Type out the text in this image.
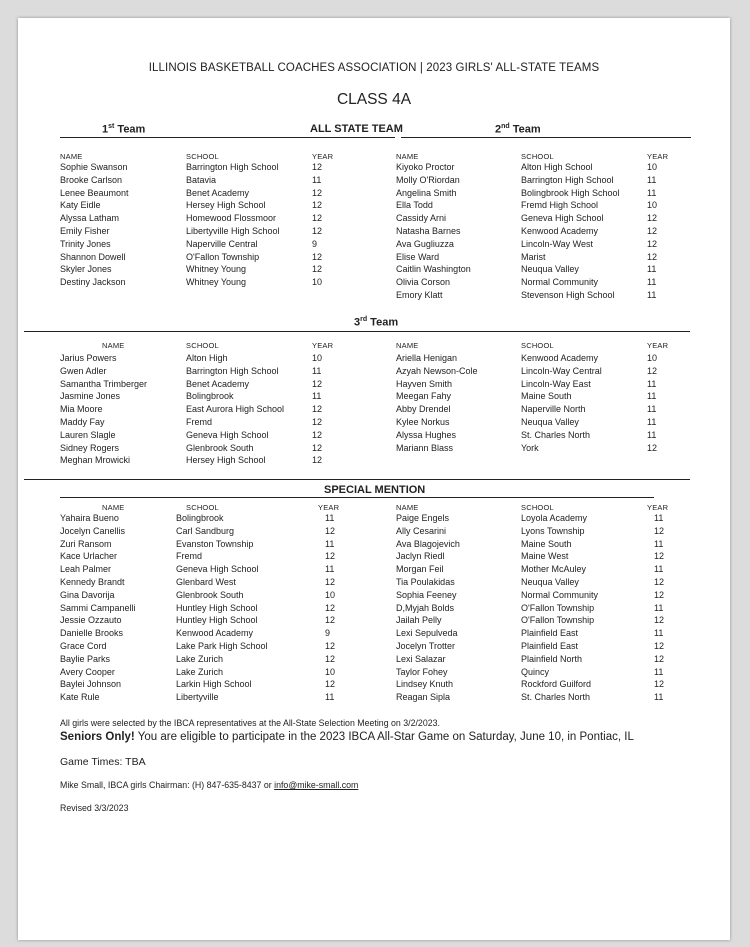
ILLINOIS BASKETBALL COACHES ASSOCIATION | 2023 GIRLS' ALL-STATE TEAMS
CLASS 4A
1st Team	ALL STATE TEAM	2nd Team
NAME	SCHOOL	YEAR	NAME	SCHOOL	YEAR
Sophie Swanson	Barrington High School	12
Brooke Carlson	Batavia	11
Lenee Beaumont	Benet Academy	12
Katy Eidle	Hersey High School	12
Alyssa Latham	Homewood Flossmoor	12
Emily Fisher	Libertyville High School	12
Trinity Jones	Naperville Central	9
Shannon Dowell	O'Fallon Township	12
Skyler Jones	Whitney Young	12
Destiny Jackson	Whitney Young	10
Kiyoko Proctor	Alton High School	10
Molly O'Riordan	Barrington High School	11
Angelina Smith	Bolingbrook High School	11
Ella Todd	Fremd High School	10
Cassidy Arni	Geneva High School	12
Natasha Barnes	Kenwood Academy	12
Ava Gugliuzza	Lincoln-Way West	12
Elise Ward	Marist	12
Caitlin Washington	Neuqua Valley	11
Olivia Corson	Normal Community	11
Emory Klatt	Stevenson High School	11
3rd Team
NAME	SCHOOL	YEAR	NAME	SCHOOL	YEAR
Jarius Powers	Alton High	10
Gwen Adler	Barrington High School	11
Samantha Trimberger	Benet Academy	12
Jasmine Jones	Bolingbrook	11
Mia Moore	East Aurora High School	12
Maddy Fay	Fremd	12
Lauren Slagle	Geneva High School	12
Sidney Rogers	Glenbrook South	12
Meghan Mrowicki	Hersey High School	12
Ariella Henigan	Kenwood Academy	10
Azyah Newson-Cole	Lincoln-Way Central	12
Hayven Smith	Lincoln-Way East	11
Meegan Fahy	Maine South	11
Abby Drendel	Naperville North	11
Kylee Norkus	Neuqua Valley	11
Alyssa Hughes	St. Charles North	11
Mariann Blass	York	12
SPECIAL MENTION
NAME	SCHOOL	YEAR	NAME	SCHOOL	YEAR
Yahaira Bueno	Bolingbrook	11
Jocelyn Canellis	Carl Sandburg	12
Zuri Ransom	Evanston Township	11
Kace Urlacher	Fremd	12
Leah Palmer	Geneva High School	11
Kennedy Brandt	Glenbard West	12
Gina Davorija	Glenbrook South	10
Sammi Campanelli	Huntley High School	12
Jessie Ozzauto	Huntley High School	12
Danielle Brooks	Kenwood Academy	9
Grace Cord	Lake Park High School	12
Baylie Parks	Lake Zurich	12
Avery Cooper	Lake Zurich	10
Baylei Johnson	Larkin High School	12
Kate Rule	Libertyville	11
Paige Engels	Loyola Academy	11
Ally Cesarini	Lyons Township	12
Ava Blagojevich	Maine South	11
Jaclyn Riedl	Maine West	12
Morgan Feil	Mother McAuley	11
Tia Poulakidas	Neuqua Valley	12
Sophia Feeney	Normal Community	12
D,Myjah Bolds	O'Fallon Township	11
Jailah Pelly	O'Fallon Township	12
Lexi Sepulveda	Plainfield East	11
Jocelyn Trotter	Plainfield East	12
Lexi Salazar	Plainfield North	12
Taylor Fohey	Quincy	11
Lindsey Knuth	Rockford Guilford	12
Reagan Sipla	St. Charles North	11
All girls were selected by the IBCA representatives at the All-State Selection Meeting on 3/2/2023.
Seniors Only! You are eligible to participate in the 2023 IBCA All-Star Game on Saturday, June 10, in Pontiac, IL
Game Times: TBA
Mike Small, IBCA girls Chairman: (H) 847-635-8437 or info@mike-small.com
Revised 3/3/2023
